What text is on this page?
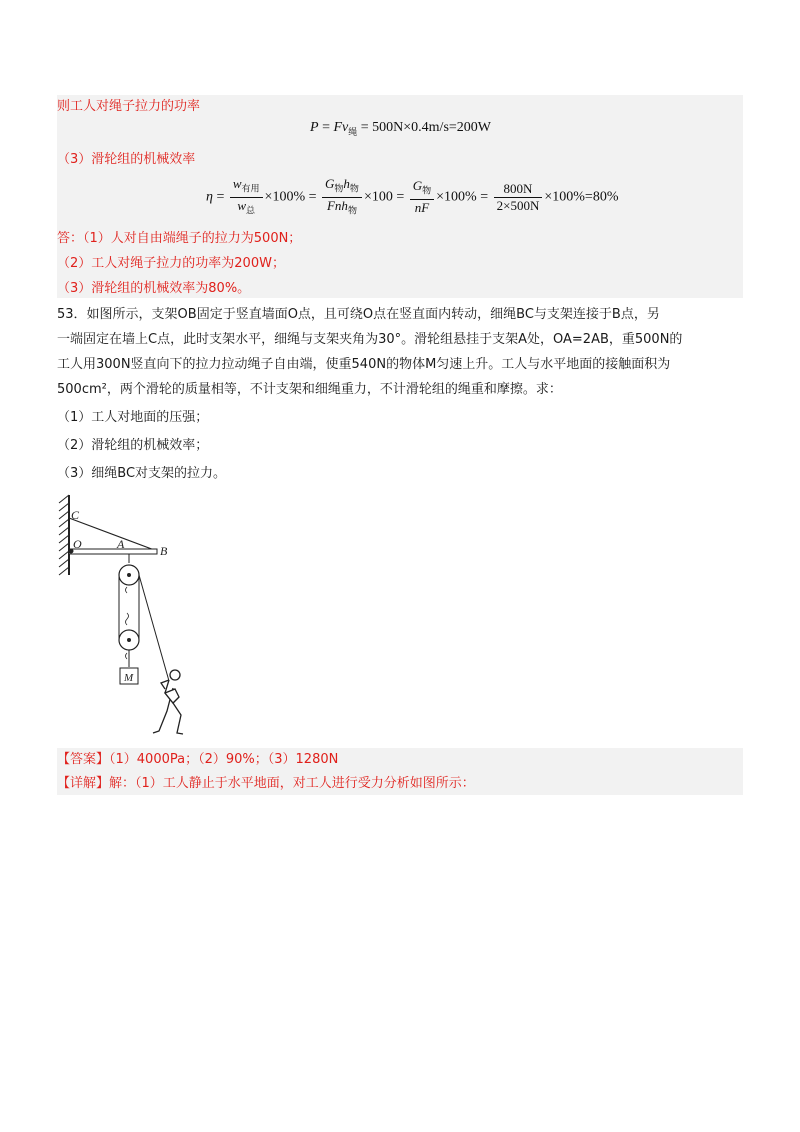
则工人对绳子拉力的功率
$P = Fv_绳 = 500N\times 0.4m/s=200W$
（3）滑轮组的机械效率
$\eta = \frac{w_{有用}}{w_总} \times 100\% = \frac{G_物h_物}{Fnh_物} \times 100 = \frac{G_物}{nF} \times 100\% = \frac{800N}{2\times 500N} \times 100\%=80\%$
答：（1）人对自由端绳子的拉力为500N；
（2）工人对绳子拉力的功率为200W；
（3）滑轮组的机械效率为80%。

53．如图所示，支架OB固定于竖直墙面O点，且可绕O点在竖直面内转动，细绳BC与支架连接于B点，另

一端固定在墙上C点，此时支架水平，细绳与支架夹角为30°。滑轮组悬挂于支架A处，OA=2AB，重500N的

工人用300N竖直向下的拉力拉动绳子自由端，使重540N的物体M匀速上升。工人与水平地面的接触面积为

500cm²，两个滑轮的质量相等，不计支架和细绳重力，不计滑轮组的绳重和摩擦。求：

（1）工人对地面的压强；

（2）滑轮组的机械效率；

（3）细绳BC对支架的拉力。

C
O	A	B
M
【答案】（1）4000Pa；（2）90%；（3）1280N
【详解】解：（1）工人静止于水平地面，对工人进行受力分析如图所示：
